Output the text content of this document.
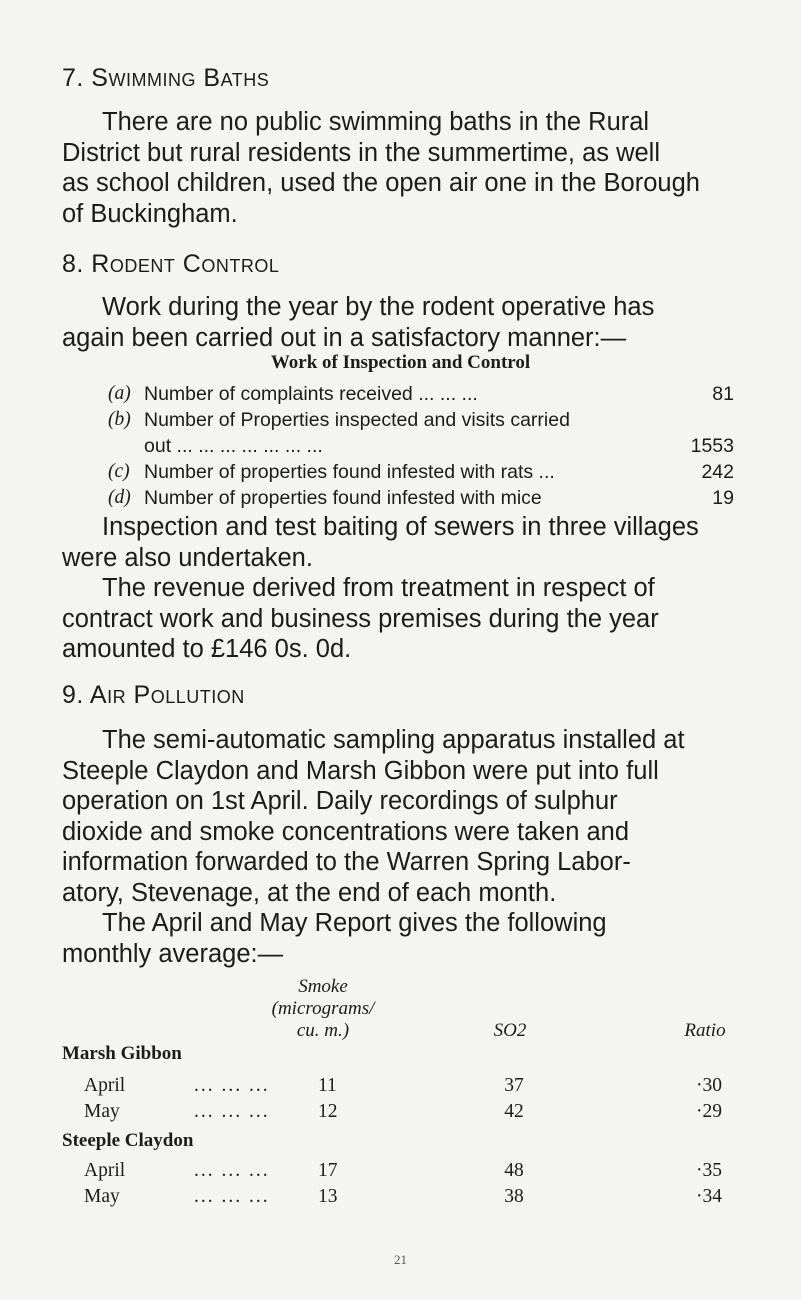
7. Swimming Baths
There are no public swimming baths in the Rural
District but rural residents in the summertime, as well
as school children, used the open air one in the Borough
of Buckingham.
8. Rodent Control
Work during the year by the rodent operative has
again been carried out in a satisfactory manner:—
Work of Inspection and Control
(a) Number of complaints received ... ... ...	81
(b) Number of Properties inspected and visits carried
out ... ... ... ... ... ... ...	1553
(c) Number of properties found infested with rats ...	242
(d) Number of properties found infested with mice	19
Inspection and test baiting of sewers in three villages
were also undertaken.
The revenue derived from treatment in respect of
contract work and business premises during the year
amounted to £146 0s. 0d.
9. Air Pollution
The semi-automatic sampling apparatus installed at
Steeple Claydon and Marsh Gibbon were put into full
operation on 1st April. Daily recordings of sulphur
dioxide and smoke concentrations were taken and
information forwarded to the Warren Spring Labor-
atory, Stevenage, at the end of each month.
The April and May Report gives the following
monthly average:—
Smoke
(micrograms/
cu. m.)	SO2	Ratio
Marsh Gibbon
April	... ... ... 11	37	·30
May	... ... ... 12	42	·29
Steeple Claydon
April	... ... ... 17	48	·35
May	... ... ... 13	38	·34
21
